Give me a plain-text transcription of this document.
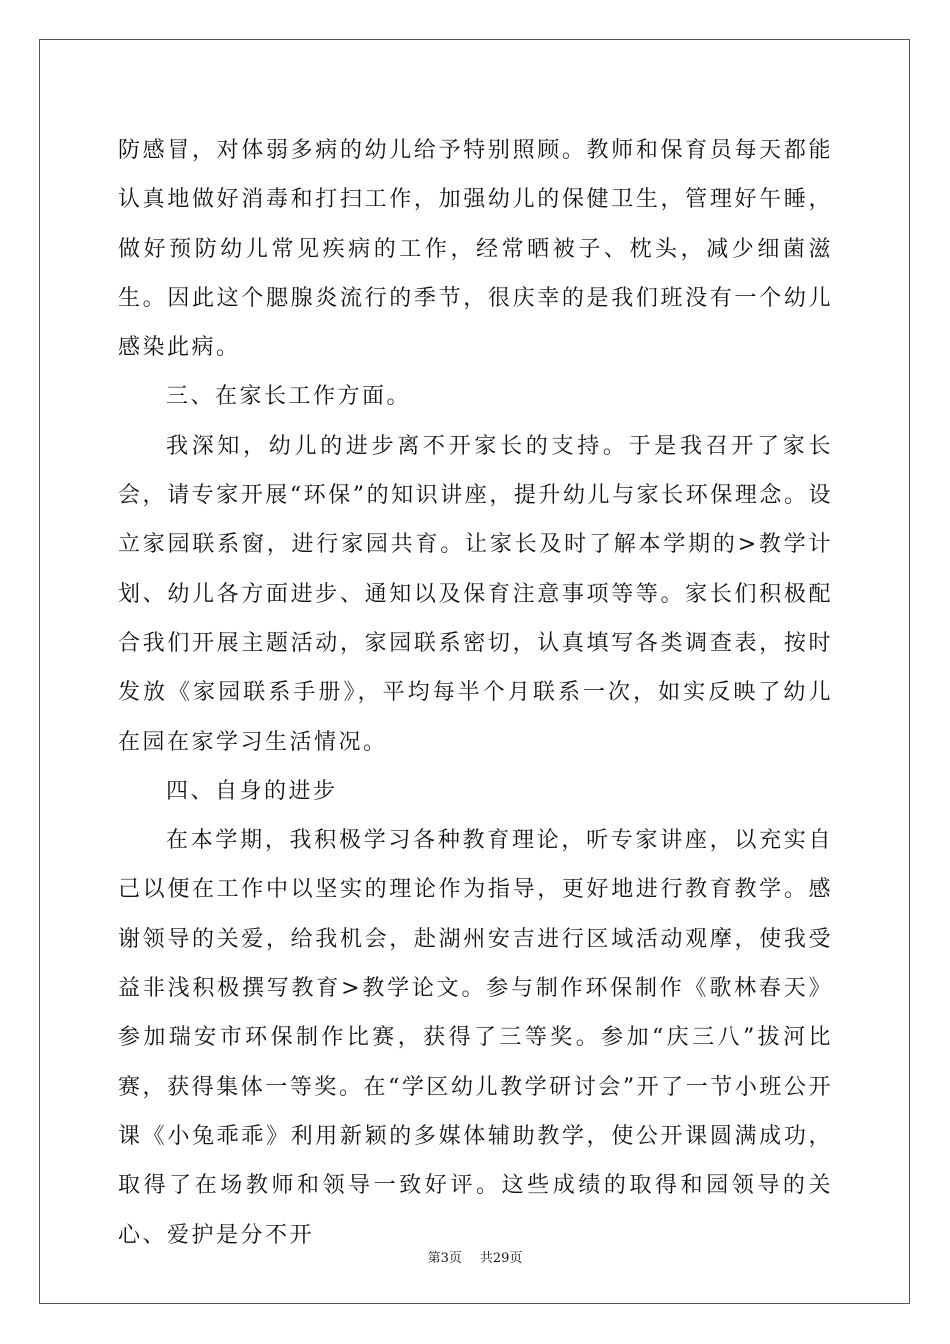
防感冒，对体弱多病的幼儿给予特别照顾。教师和保育员每天都能认真地做好消毒和打扫工作，加强幼儿的保健卫生，管理好午睡，做好预防幼儿常见疾病的工作，经常晒被子、枕头，减少细菌滋生。因此这个腮腺炎流行的季节，很庆幸的是我们班没有一个幼儿感染此病。

三、在家长工作方面。

我深知，幼儿的进步离不开家长的支持。于是我召开了家长会，请专家开展“环保”的知识讲座，提升幼儿与家长环保理念。设立家园联系窗，进行家园共育。让家长及时了解本学期的>教学计划、幼儿各方面进步、通知以及保育注意事项等等。家长们积极配合我们开展主题活动，家园联系密切，认真填写各类调查表，按时发放《家园联系手册》，平均每半个月联系一次，如实反映了幼儿在园在家学习生活情况。

四、自身的进步

在本学期，我积极学习各种教育理论，听专家讲座，以充实自己以便在工作中以坚实的理论作为指导，更好地进行教育教学。感谢领导的关爱，给我机会，赴湖州安吉进行区域活动观摩，使我受益非浅积极撰写教育>教学论文。参与制作环保制作《歌林春天》参加瑞安市环保制作比赛，获得了三等奖。参加“庆三八”拔河比赛，获得集体一等奖。在“学区幼儿教学研讨会”开了一节小班公开课《小兔乖乖》利用新颖的多媒体辅助教学，使公开课圆满成功，取得了在场教师和领导一致好评。这些成绩的取得和园领导的关心、爱护是分不开

第3页 共29页
